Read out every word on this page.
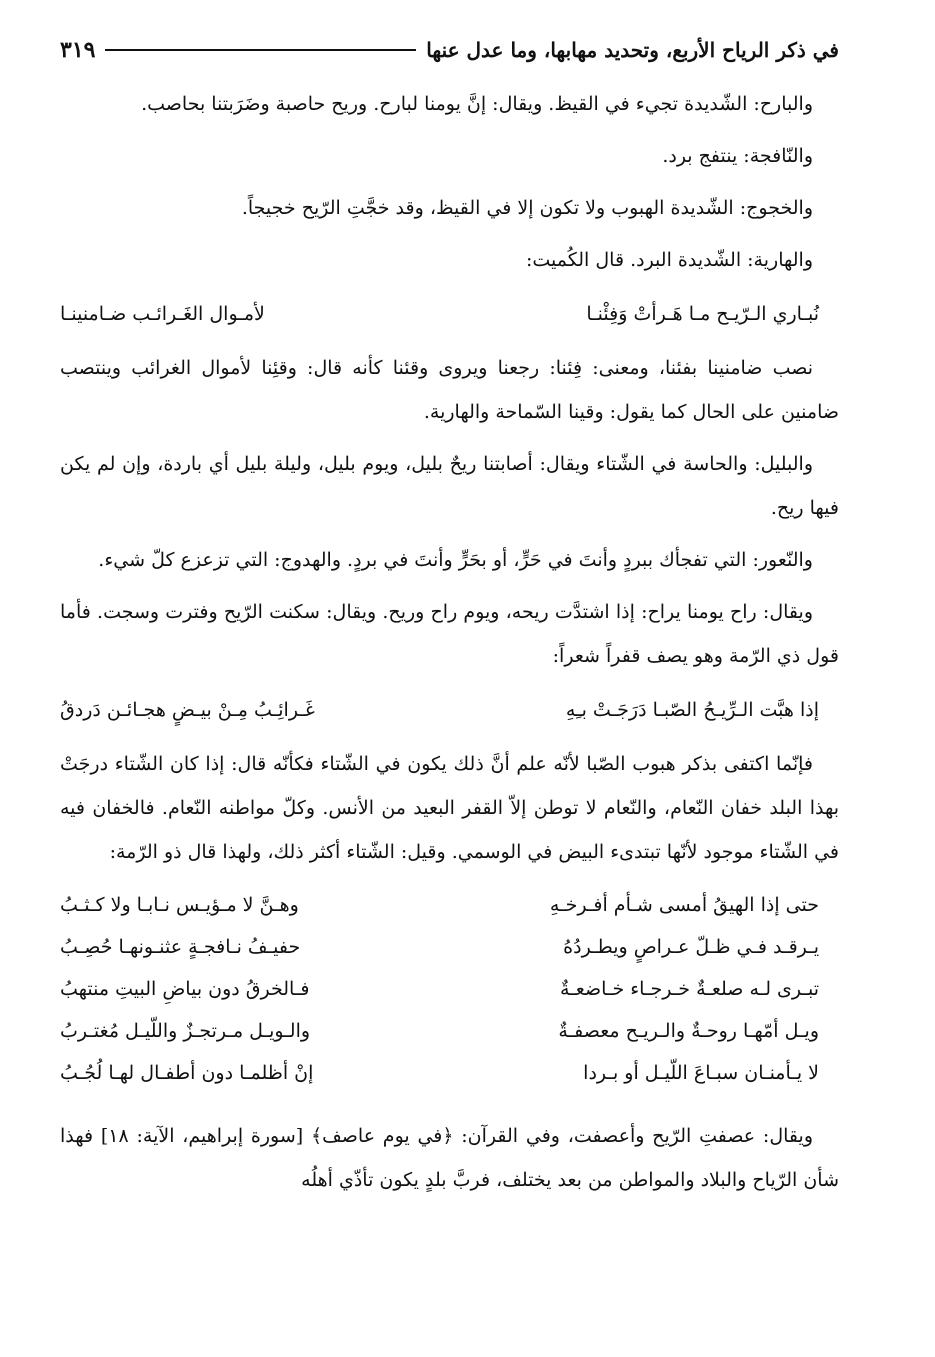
في ذكر الرياح الأربع، وتحديد مهابها، وما عدل عنها
٣١٩

والبارح: الشّديدة تجيء في القيظ. ويقال: إنَّ يومنا لبارح. وريح حاصبة وضَرَبتنا بحاصب.

والنّافجة: ينتفج برد.

والخجوج: الشّديدة الهبوب ولا تكون إلا في القيظ، وقد خجَّتِ الرّيح خجيجاً.

والهارية: الشّديدة البرد. قال الكُميت:

نُبـاري الـرّيـح مـا هَـرأتْ وَفِئْنـا
لأمـوال الغَـرائـب ضـامنينـا

نصب ضامنينا بفئنا، ومعنى: فِئنا: رجعنا ويروى وقئنا كأنه قال: وقئِنا لأموال الغرائب وينتصب ضامنين على الحال كما يقول: وقينا السّماحة والهارية.

والبليل: والحاسة في الشّتاء ويقال: أصابتنا ريحٌ بليل، ويوم بليل، وليلة بليل أي باردة، وإن لم يكن فيها ريح.

والنّعور: التي تفجأك ببردٍ وأنتَ في حَرٍّ، أو بحَرٍّ وأنتَ في بردٍ. والهدوج: التي تزعزع كلّ شيء.

ويقال: راح يومنا يراح: إذا اشتدَّت ريحه، ويوم راح وريح. ويقال: سكنت الرّيح وفترت وسجت. فأما قول ذي الرّمة وهو يصف قفراً شعراً:

إذا هبَّت الـرِّيـحُ الصّبـا دَرَجَـتْ بـِهِ
غَـرائِـبُ مِـنْ بيـضٍ هجـائـن دَردقُ

فإنّما اكتفى بذكر هبوب الصّبا لأنّه علم أنَّ ذلك يكون في الشّتاء فكأنّه قال: إذا كان الشّتاء درجَتْ بهذا البلد خفان النّعام، والنّعام لا توطن إلاّ القفر البعيد من الأنس. وكلّ مواطنه النّعام. فالخفان فيه في الشّتاء موجود لأنّها تبتدىء البيض في الوسمي. وقيل: الشّتاء أكثر ذلك، ولهذا قال ذو الرّمة:

حتى إذا الهيقُ أمسى شـأم أفـرخـهِ
وهـنَّ لا مـؤيـس نـابـا ولا كـثـبُ
يـرقـد فـي ظـلّ عـراصٍ ويطـردُهُ
حفيـفُ نـافجـةٍ عثنـونهـا حُصِـبُ
تبـرى لـه صلعـةٌ خـرجـاء خـاضعـةٌ
فـالخرقُ دون بياضِ البيتِ منتهبُ
ويـل أمّهـا روحـةٌ والـريـح معصفـةٌ
والـويـل مـرتجـزٌ واللّيـل مُغتـربُ
لا يـأمنـان سبـاعَ اللّيـل أو بـردا
إنْ أظلمـا دون أطفـال لهـا لُجُـبُ

ويقال: عصفتِ الرّيح وأعصفت، وفي القرآن: ﴿في يوم عاصف﴾ [سورة إبراهيم، الآية: ١٨] فهذا شأن الرّياح والبلاد والمواطن من بعد يختلف، فربَّ بلدٍ يكون تأذّي أهلُه
